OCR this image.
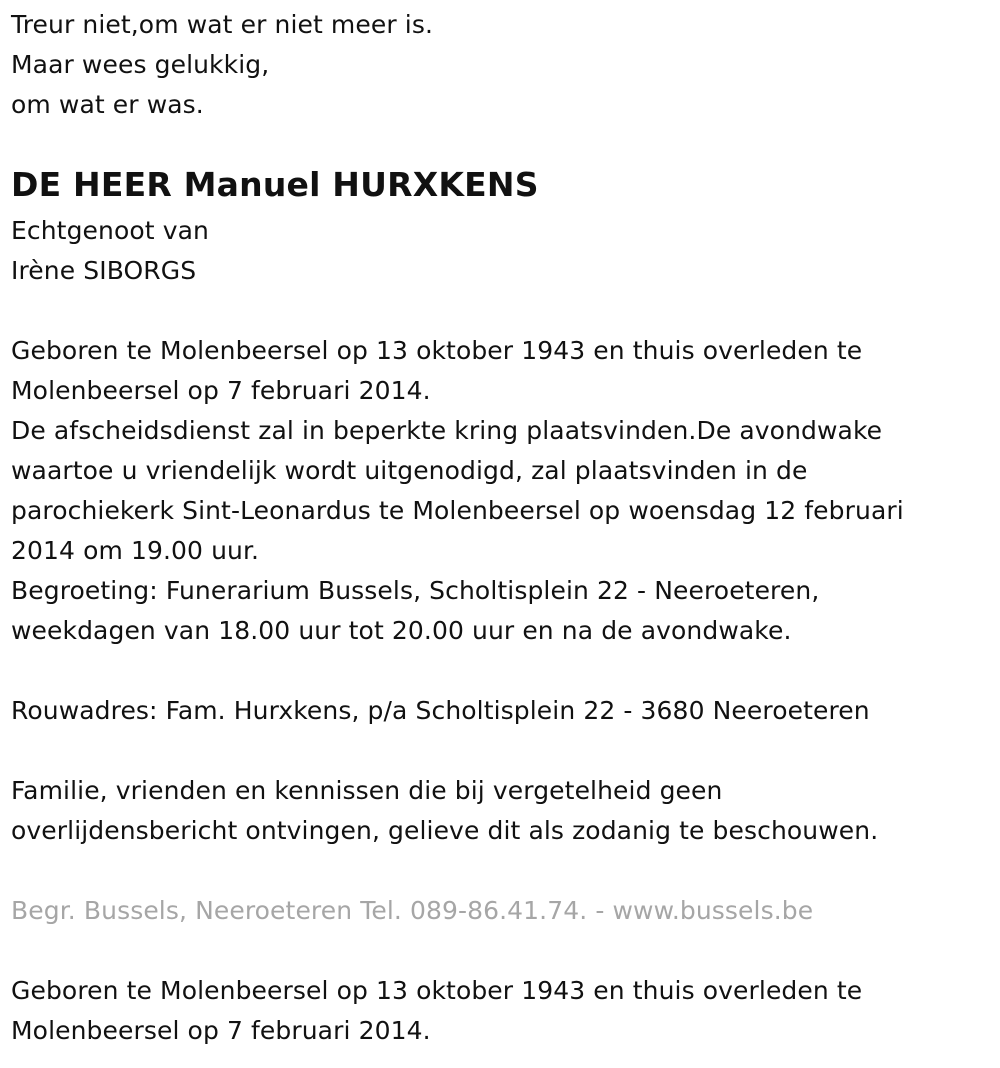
Treur niet,om wat er niet meer is.
Maar wees gelukkig,
om wat er was.
DE HEER Manuel HURXKENS
Echtgenoot van
Irène SIBORGS
Geboren te Molenbeersel op 13 oktober 1943 en thuis overleden te
Molenbeersel op 7 februari 2014.
De afscheidsdienst zal in beperkte kring plaatsvinden.De avondwake
waartoe u vriendelijk wordt uitgenodigd, zal plaatsvinden in de
parochiekerk Sint-Leonardus te Molenbeersel op woensdag 12 februari
2014 om 19.00 uur.
Begroeting: Funerarium Bussels, Scholtisplein 22 - Neeroeteren,
weekdagen van 18.00 uur tot 20.00 uur en na de avondwake.
Rouwadres: Fam. Hurxkens, p/a Scholtisplein 22 - 3680 Neeroeteren
Familie, vrienden en kennissen die bij vergetelheid geen
overlijdensbericht ontvingen, gelieve dit als zodanig te beschouwen.
Begr. Bussels, Neeroeteren Tel. 089-86.41.74. - www.bussels.be
Geboren te Molenbeersel op 13 oktober 1943 en thuis overleden te
Molenbeersel op 7 februari 2014.
